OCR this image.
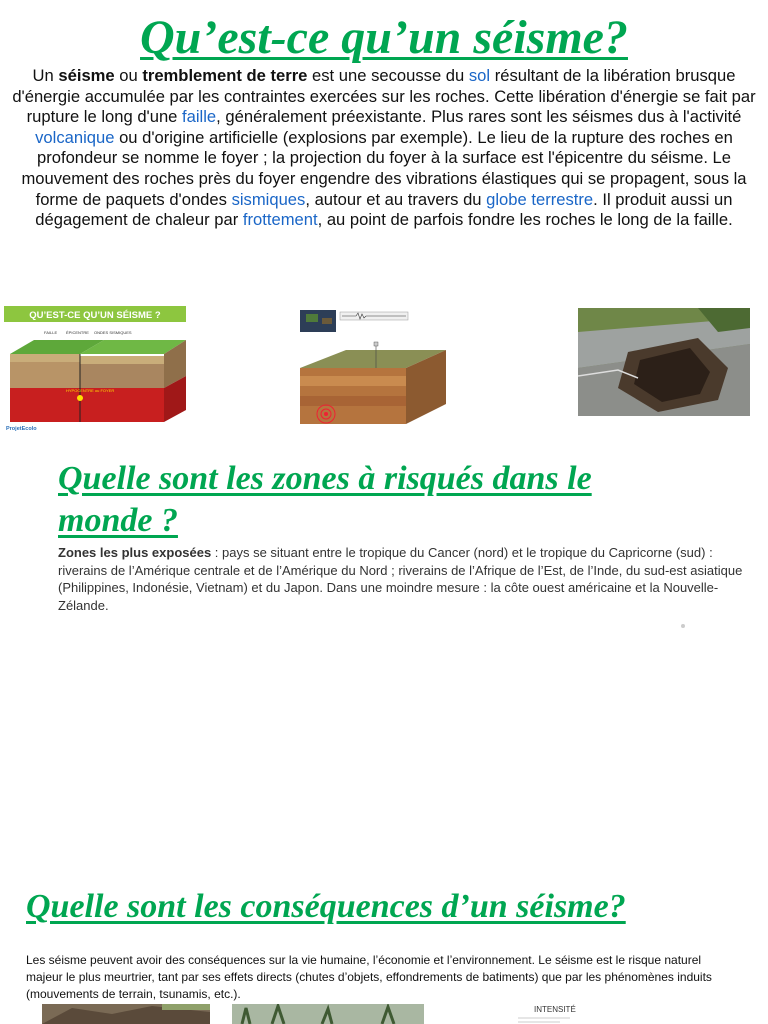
Qu’est-ce qu’un séisme?

Un séisme ou tremblement de terre est une secousse du sol résultant de la libération brusque d'énergie accumulée par les contraintes exercées sur les roches. Cette libération d'énergie se fait par rupture le long d'une faille, généralement préexistante. Plus rares sont les séismes dus à l'activité volcanique ou d'origine artificielle (explosions par exemple). Le lieu de la rupture des roches en profondeur se nomme le foyer ; la projection du foyer à la surface est l'épicentre du séisme. Le mouvement des roches près du foyer engendre des vibrations élastiques qui se propagent, sous la forme de paquets d'ondes sismiques, autour et au travers du globe terrestre. Il produit aussi un dégagement de chaleur par frottement, au point de parfois fondre les roches le long de la faille.

QU’EST-CE QU’UN SÉISME ?
FAILLE ÉPICENTRE ONDES SISMIQUES
HYPOCENTRE ou FOYER
ProjetEcolo
Quelle sont les zones à risqués dans le monde ?

Zones les plus exposées : pays se situant entre le tropique du Cancer (nord) et le tropique du Capricorne (sud) : riverains de l’Amérique centrale et de l’Amérique du Nord ; riverains de l’Afrique de l’Est, de l’Inde, du sud-est asiatique (Philippines, Indonésie, Vietnam) et du Japon. Dans une moindre mesure : la côte ouest américaine et la Nouvelle-Zélande.

Quelle sont les conséquences d’un séisme?

Les séisme peuvent avoir des conséquences sur la vie humaine, l’économie et l’environnement. Le séisme est le risque naturel majeur le plus meurtrier, tant par ses effets directs (chutes d’objets, effondrements de batiments) que par les phénomènes induits (mouvements de terrain, tsunamis, etc.).

INTENSITÉ
